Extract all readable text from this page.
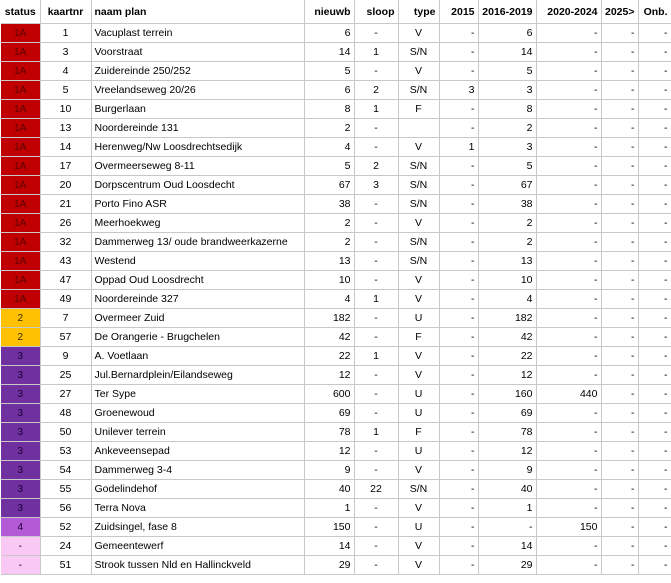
status	kaartnr	naam plan	nieuwb	sloop	type	2015	2016-2019	2020-2024	2025>	Onb.
1A	1	Vacuplast terrein	6	-	V	-	6	-	-	-
1A	3	Voorstraat	14	1	S/N	-	14	-	-	-
1A	4	Zuidereinde 250/252	5	-	V	-	5	-	-	-
1A	5	Vreelandseweg 20/26	6	2	S/N	3	3	-	-	-
1A	10	Burgerlaan	8	1	F	-	8	-	-	-
1A	13	Noordereinde 131	2	-		-	2	-	-	-
1A	14	Herenweg/Nw Loosdrechtsedijk	4	-	V	1	3	-	-	-
1A	17	Overmeerseweg 8-11	5	2	S/N	-	5	-	-	-
1A	20	Dorpscentrum Oud Loosdecht	67	3	S/N	-	67	-	-	-
1A	21	Porto Fino ASR	38	-	S/N	-	38	-	-	-
1A	26	Meerhoekweg	2	-	V	-	2	-	-	-
1A	32	Dammerweg 13/ oude brandweerkazerne	2	-	S/N	-	2	-	-	-
1A	43	Westend	13	-	S/N	-	13	-	-	-
1A	47	Oppad Oud Loosdrecht	10	-	V	-	10	-	-	-
1A	49	Noordereinde 327	4	1	V	-	4	-	-	-
2	7	Overmeer Zuid	182	-	U	-	182	-	-	-
2	57	De Orangerie - Brugchelen	42	-	F	-	42	-	-	-
3	9	A. Voetlaan	22	1	V	-	22	-	-	-
3	25	Jul.Bernardplein/Eilandseweg	12	-	V	-	12	-	-	-
3	27	Ter Sype	600	-	U	-	160	440	-	-
3	48	Groenewoud	69	-	U	-	69	-	-	-
3	50	Unilever terrein	78	1	F	-	78	-	-	-
3	53	Ankeveensepad	12	-	U	-	12	-	-	-
3	54	Dammerweg 3-4	9	-	V	-	9	-	-	-
3	55	Godelindehof	40	22	S/N	-	40	-	-	-
3	56	Terra Nova	1	-	V	-	1	-	-	-
4	52	Zuidsingel, fase 8	150	-	U	-	-	150	-	-
-	24	Gemeentewerf	14	-	V	-	14	-	-	-
-	51	Strook tussen Nld en Hallinckveld	29	-	V	-	29	-	-	-
